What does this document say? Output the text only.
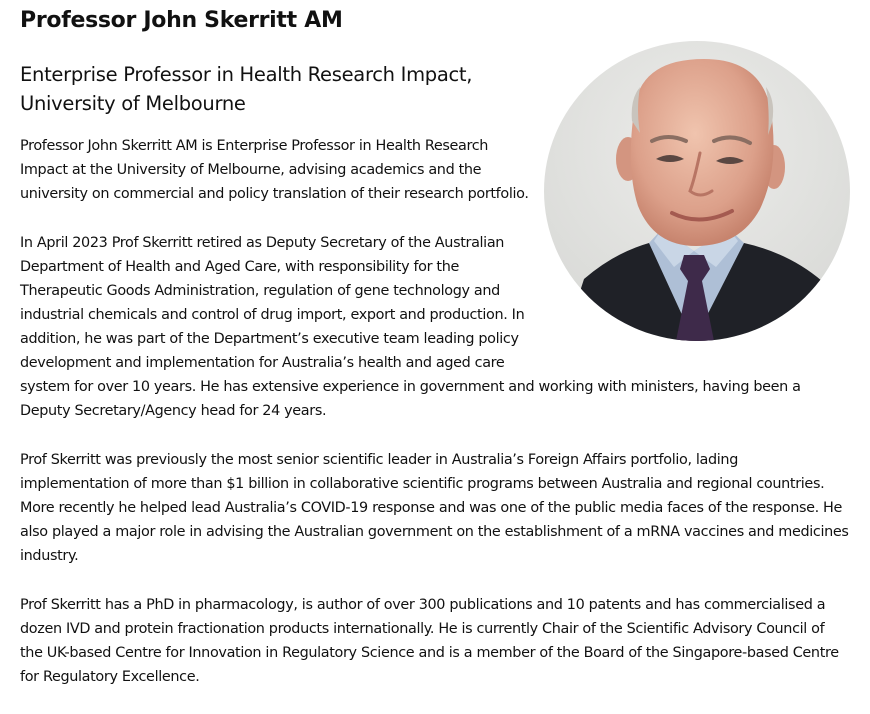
Professor John Skerritt AM
Enterprise Professor in Health Research Impact, University of Melbourne

Professor John Skerritt AM is Enterprise Professor in Health Research Impact at the University of Melbourne, advising academics and the university on commercial and policy translation of their research portfolio.

In April 2023 Prof Skerritt retired as Deputy Secretary of the Australian Department of Health and Aged Care, with responsibility for the Therapeutic Goods Administration, regulation of gene technology and industrial chemicals and control of drug import, export and production. In addition, he was part of the Department’s executive team leading policy development and implementation for Australia’s health and aged care system for over 10 years. He has extensive experience in government and working with ministers, having been a Deputy Secretary/Agency head for 24 years.

Prof Skerritt was previously the most senior scientific leader in Australia’s Foreign Affairs portfolio, lading implementation of more than $1 billion in collaborative scientific programs between Australia and regional countries. More recently he helped lead Australia’s COVID-19 response and was one of the public media faces of the response. He also played a major role in advising the Australian government on the establishment of a mRNA vaccines and medicines industry.

Prof Skerritt has a PhD in pharmacology, is author of over 300 publications and 10 patents and has commercialised a dozen IVD and protein fractionation products internationally. He is currently Chair of the Scientific Advisory Council of the UK-based Centre for Innovation in Regulatory Science and is a member of the Board of the Singapore-based Centre for Regulatory Excellence.
